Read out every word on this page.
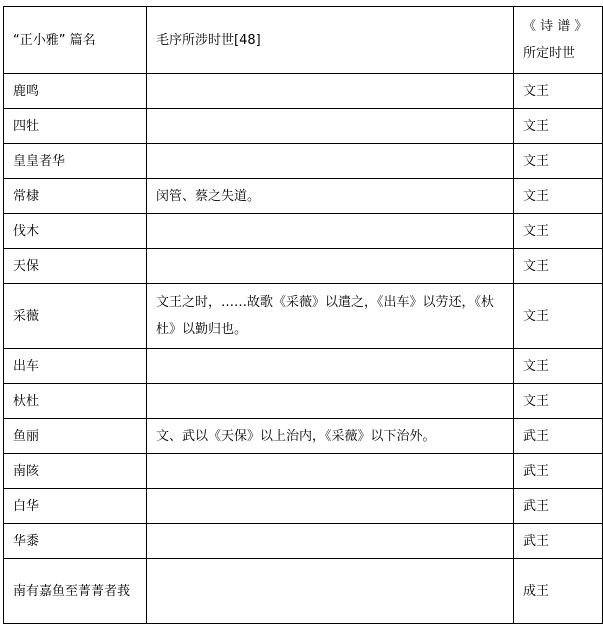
“正小雅” 篇名	毛序所涉时世[48]	《 诗 谱 》所定时世
鹿鸣		文王
四牡		文王
皇皇者华		文王
常棣	闵管、蔡之失道。	文王
伐木		文王
天保		文王
采薇	文王之时，……故歌《采薇》以遣之，《出车》以劳还，《杕杜》以勤归也。	文王
出车		文王
杕杜		文王
鱼丽	文、武以《天保》以上治内，《采薇》以下治外。	武王
南陔		武王
白华		武王
华黍		武王
南有嘉鱼至菁菁者莪		成王
